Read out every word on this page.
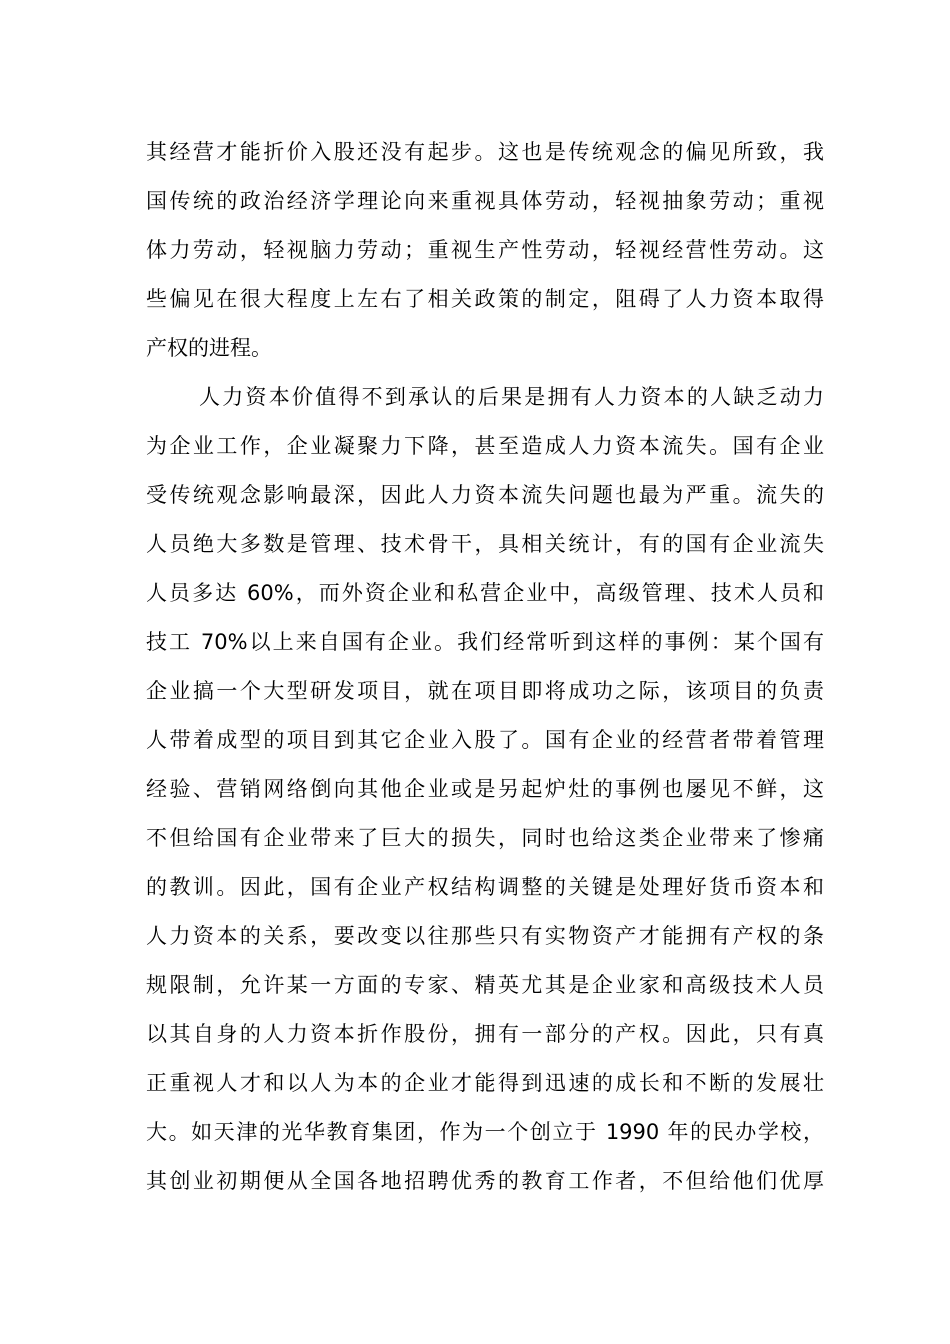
其经营才能折价入股还没有起步。这也是传统观念的偏见所致，我
国传统的政治经济学理论向来重视具体劳动，轻视抽象劳动；重视
体力劳动，轻视脑力劳动；重视生产性劳动，轻视经营性劳动。这
些偏见在很大程度上左右了相关政策的制定，阻碍了人力资本取得
产权的进程。
人力资本价值得不到承认的后果是拥有人力资本的人缺乏动力
为企业工作，企业凝聚力下降，甚至造成人力资本流失。国有企业
受传统观念影响最深，因此人力资本流失问题也最为严重。流失的
人员绝大多数是管理、技术骨干，具相关统计，有的国有企业流失
人员多达 60%，而外资企业和私营企业中，高级管理、技术人员和
技工 70%以上来自国有企业。我们经常听到这样的事例：某个国有
企业搞一个大型研发项目，就在项目即将成功之际，该项目的负责
人带着成型的项目到其它企业入股了。国有企业的经营者带着管理
经验、营销网络倒向其他企业或是另起炉灶的事例也屡见不鲜，这
不但给国有企业带来了巨大的损失，同时也给这类企业带来了惨痛
的教训。因此，国有企业产权结构调整的关键是处理好货币资本和
人力资本的关系，要改变以往那些只有实物资产才能拥有产权的条
规限制，允许某一方面的专家、精英尤其是企业家和高级技术人员
以其自身的人力资本折作股份，拥有一部分的产权。因此，只有真
正重视人才和以人为本的企业才能得到迅速的成长和不断的发展壮
大。如天津的光华教育集团，作为一个创立于 1990 年的民办学校，
其创业初期便从全国各地招聘优秀的教育工作者，不但给他们优厚
